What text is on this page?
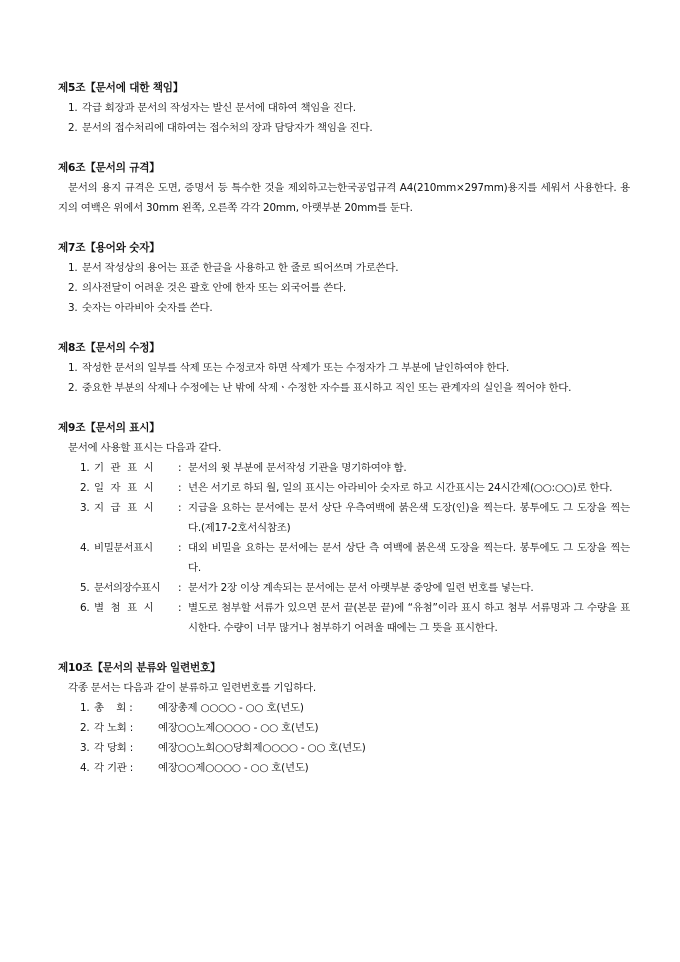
제5조【문서에 대한 책임】
1. 각급 회장과 문서의 작성자는 발신 문서에 대하여 책임을 진다.
2. 문서의 접수처리에 대하여는 접수처의 장과 담당자가 책임을 진다.
제6조【문서의 규격】
문서의 용지 규격은 도면, 증명서 등 특수한 것을 제외하고는한국공업규격 A4(210mm×297mm)용지를 세워서 사용한다. 용지의 여백은 위에서 30mm 왼쪽, 오른쪽 각각 20mm, 아랫부분 20mm를 둔다.
제7조【용어와 숫자】
1. 문서 작성상의 용어는 표준 한글을 사용하고 한 줄로 띄어쓰며 가로쓴다.
2. 의사전달이 어려운 것은 괄호 안에 한자 또는 외국어를 쓴다.
3. 숫자는 아라비아 숫자를 쓴다.
제8조【문서의 수정】
1. 작성한 문서의 일부를 삭제 또는 수정코자 하면 삭제가 또는 수정자가 그 부분에 날인하여야 한다.
2. 중요한 부분의 삭제나 수정에는 난 밖에 삭제ㆍ수정한 자수를 표시하고 직인 또는 관계자의 실인을 찍어야 한다.
제9조【문서의 표시】
문서에 사용할 표시는 다음과 같다.
1. 기 관 표 시	: 문서의 윗 부분에 문서작성 기관을 명기하여야 함.
2. 일 자 표 시	: 년은 서기로 하되 월, 일의 표시는 아라비아 숫자로 하고 시간표시는 24시간제(○○:○○)로 한다.
3. 지 급 표 시	: 지급을 요하는 문서에는 문서 상단 우측여백에 붉은색 도장(인)을 찍는다. 봉투에도 그 도장을 찍는다.(제17-2호서식참조)
4. 비밀문서표시	: 대외 비밀을 요하는 문서에는 문서 상단 측 여백에 붉은색 도장을 찍는다. 봉투에도 그 도장을 찍는다.
5. 문서의장수표시	: 문서가 2장 이상 계속되는 문서에는 문서 아랫부분 중앙에 일련 번호를 넣는다.
6. 별 첨 표 시	: 별도로 첨부할 서류가 있으면 문서 끝(본문 끝)에 “유첨”이라 표시 하고 첨부 서류명과 그 수량을 표시한다. 수량이 너무 많거나 첨부하기 어려울 때에는 그 뜻을 표시한다.
제10조【문서의 분류와 일련번호】
각종 문서는 다음과 같이 분류하고 일련번호를 기입하다.
1. 총    회 :	예장총제 ○○○○ - ○○ 호(년도)
2. 각 노회 :	예장○○노제○○○○ - ○○ 호(년도)
3. 각 당회 :	예장○○노회○○당회제○○○○ - ○○ 호(년도)
4. 각 기관 :	예장○○제○○○○ - ○○ 호(년도)
